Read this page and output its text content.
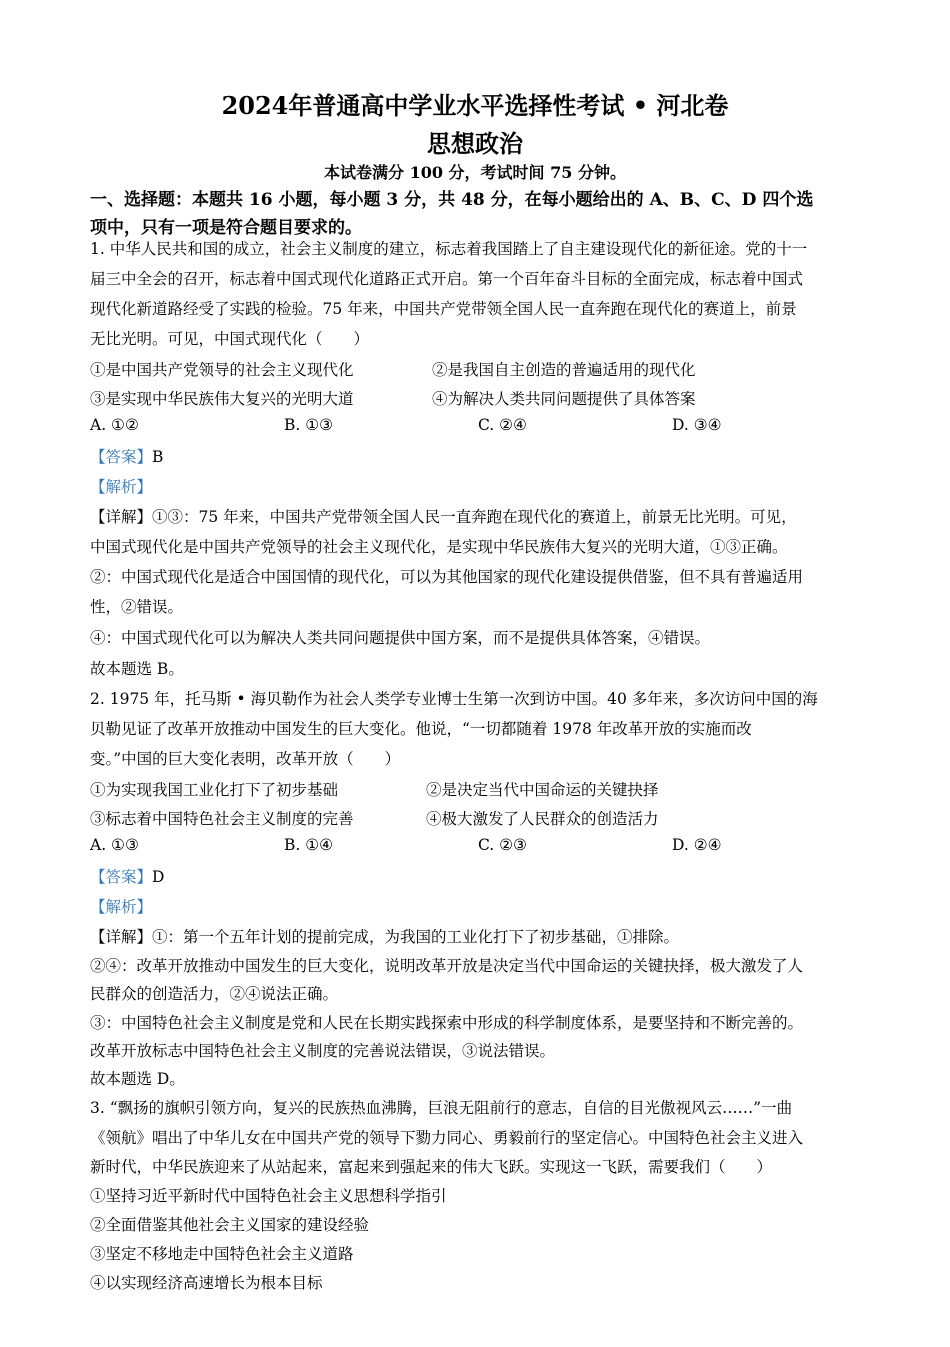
2024年普通高中学业水平选择性考试 • 河北卷
思想政治
本试卷满分 100 分，考试时间 75 分钟。
一、选择题：本题共 16 小题，每小题 3 分，共 48 分，在每小题给出的 A、B、C、D 四个选
项中，只有一项是符合题目要求的。
1. 中华人民共和国的成立，社会主义制度的建立，标志着我国踏上了自主建设现代化的新征途。党的十一
届三中全会的召开，标志着中国式现代化道路正式开启。第一个百年奋斗目标的全面完成，标志着中国式
现代化新道路经受了实践的检验。75 年来，中国共产党带领全国人民一直奔跑在现代化的赛道上，前景
无比光明。可见，中国式现代化（　　）
①是中国共产党领导的社会主义现代化	②是我国自主创造的普遍适用的现代化
③是实现中华民族伟大复兴的光明大道	④为解决人类共同问题提供了具体答案
A. ①②	B. ①③	C. ②④	D. ③④
【答案】B
【解析】
【详解】①③：75 年来，中国共产党带领全国人民一直奔跑在现代化的赛道上，前景无比光明。可见，
中国式现代化是中国共产党领导的社会主义现代化，是实现中华民族伟大复兴的光明大道，①③正确。
②：中国式现代化是适合中国国情的现代化，可以为其他国家的现代化建设提供借鉴，但不具有普遍适用
性，②错误。
④：中国式现代化可以为解决人类共同问题提供中国方案，而不是提供具体答案，④错误。
故本题选 B。
2. 1975 年，托马斯 • 海贝勒作为社会人类学专业博士生第一次到访中国。40 多年来，多次访问中国的海
贝勒见证了改革开放推动中国发生的巨大变化。他说，“一切都随着 1978 年改革开放的实施而改
变。”中国的巨大变化表明，改革开放（　　）
①为实现我国工业化打下了初步基础	②是决定当代中国命运的关键抉择
③标志着中国特色社会主义制度的完善	④极大激发了人民群众的创造活力
A. ①③	B. ①④	C. ②③	D. ②④
【答案】D
【解析】
【详解】①：第一个五年计划的提前完成，为我国的工业化打下了初步基础，①排除。
②④：改革开放推动中国发生的巨大变化，说明改革开放是决定当代中国命运的关键抉择，极大激发了人
民群众的创造活力，②④说法正确。
③：中国特色社会主义制度是党和人民在长期实践探索中形成的科学制度体系，是要坚持和不断完善的。
改革开放标志中国特色社会主义制度的完善说法错误，③说法错误。
故本题选 D。
3. “飘扬的旗帜引领方向，复兴的民族热血沸腾，巨浪无阻前行的意志，自信的目光傲视风云……”一曲
《领航》唱出了中华儿女在中国共产党的领导下勠力同心、勇毅前行的坚定信心。中国特色社会主义进入
新时代，中华民族迎来了从站起来，富起来到强起来的伟大飞跃。实现这一飞跃，需要我们（　　）
①坚持习近平新时代中国特色社会主义思想科学指引
②全面借鉴其他社会主义国家的建设经验
③坚定不移地走中国特色社会主义道路
④以实现经济高速增长为根本目标
